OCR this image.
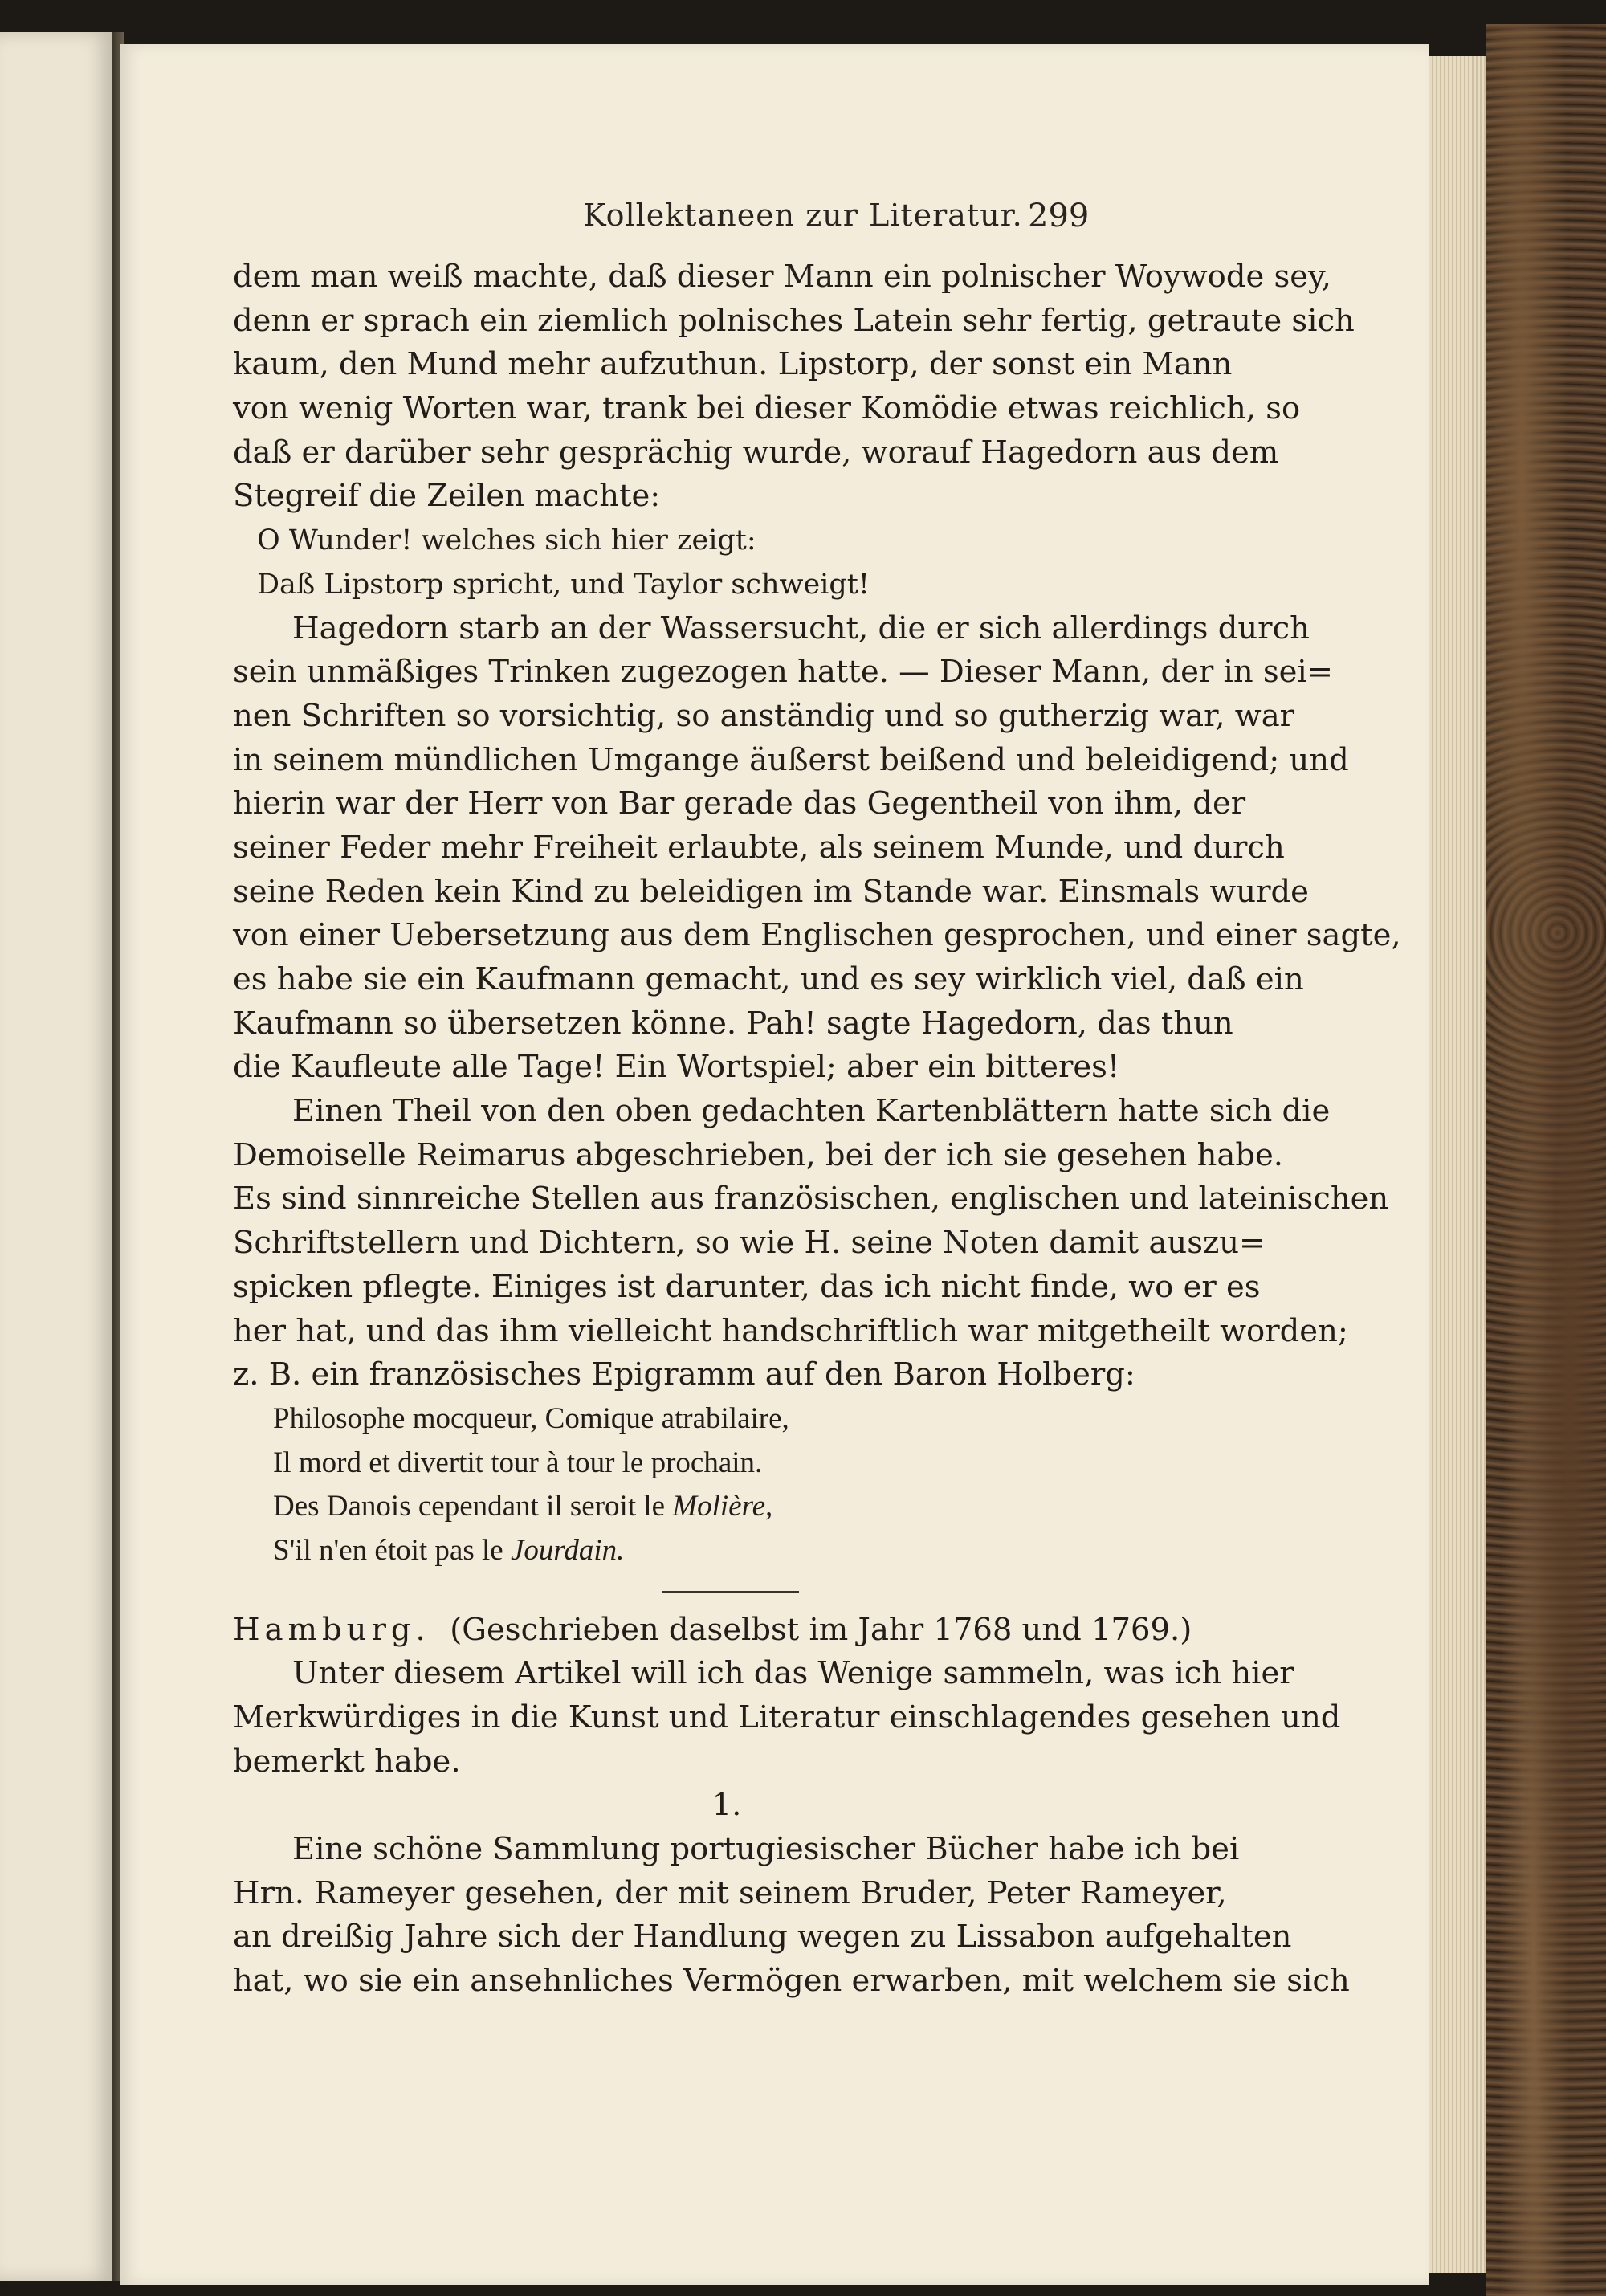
Kollektaneen zur Literatur. 299
dem man weiß machte, daß dieser Mann ein polnischer Woywode sey,
denn er sprach ein ziemlich polnisches Latein sehr fertig, getraute sich
kaum, den Mund mehr aufzuthun. Lipstorp, der sonst ein Mann
von wenig Worten war, trank bei dieser Komödie etwas reichlich, so
daß er darüber sehr gesprächig wurde, worauf Hagedorn aus dem
Stegreif die Zeilen machte:
O Wunder! welches sich hier zeigt:
Daß Lipstorp spricht, und Taylor schweigt!
Hagedorn starb an der Wassersucht, die er sich allerdings durch
sein unmäßiges Trinken zugezogen hatte. — Dieser Mann, der in sei=
nen Schriften so vorsichtig, so anständig und so gutherzig war, war
in seinem mündlichen Umgange äußerst beißend und beleidigend; und
hierin war der Herr von Bar gerade das Gegentheil von ihm, der
seiner Feder mehr Freiheit erlaubte, als seinem Munde, und durch
seine Reden kein Kind zu beleidigen im Stande war. Einsmals wurde
von einer Uebersetzung aus dem Englischen gesprochen, und einer sagte,
es habe sie ein Kaufmann gemacht, und es sey wirklich viel, daß ein
Kaufmann so übersetzen könne. Pah! sagte Hagedorn, das thun
die Kaufleute alle Tage! Ein Wortspiel; aber ein bitteres!
Einen Theil von den oben gedachten Kartenblättern hatte sich die
Demoiselle Reimarus abgeschrieben, bei der ich sie gesehen habe.
Es sind sinnreiche Stellen aus französischen, englischen und lateinischen
Schriftstellern und Dichtern, so wie H. seine Noten damit auszu=
spicken pflegte. Einiges ist darunter, das ich nicht finde, wo er es
her hat, und das ihm vielleicht handschriftlich war mitgetheilt worden;
z. B. ein französisches Epigramm auf den Baron Holberg:
Philosophe mocqueur, Comique atrabilaire,
Il mord et divertit tour à tour le prochain.
Des Danois cependant il seroit le Molière,
S'il n'en étoit pas le Jourdain.
Hamburg. (Geschrieben daselbst im Jahr 1768 und 1769.)
Unter diesem Artikel will ich das Wenige sammeln, was ich hier
Merkwürdiges in die Kunst und Literatur einschlagendes gesehen und
bemerkt habe.
1.
Eine schöne Sammlung portugiesischer Bücher habe ich bei
Hrn. Rameyer gesehen, der mit seinem Bruder, Peter Rameyer,
an dreißig Jahre sich der Handlung wegen zu Lissabon aufgehalten
hat, wo sie ein ansehnliches Vermögen erwarben, mit welchem sie sich
